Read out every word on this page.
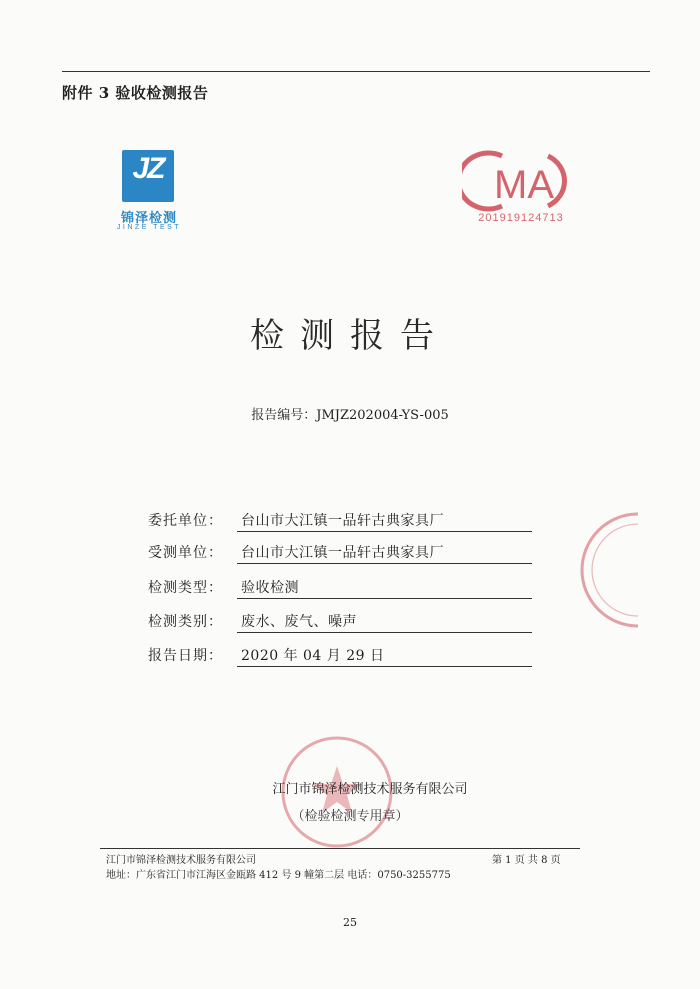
附件 3 验收检测报告
JZ
锦泽检测
JINZE TEST
MA
201919124713
检测报告
报告编号：JMJZ202004-YS-005
委托单位： 台山市大江镇一品轩古典家具厂
受测单位： 台山市大江镇一品轩古典家具厂
检测类型： 验收检测
检测类别： 废水、废气、噪声
报告日期： 2020 年 04 月 29 日
江门市锦泽检测技术服务有限公司
（检验检测专用章）
江门市锦泽检测技术服务有限公司	第 1 页 共 8 页
地址：广东省江门市江海区金瓯路 412 号 9 幢第二层 电话：0750-3255775
25
